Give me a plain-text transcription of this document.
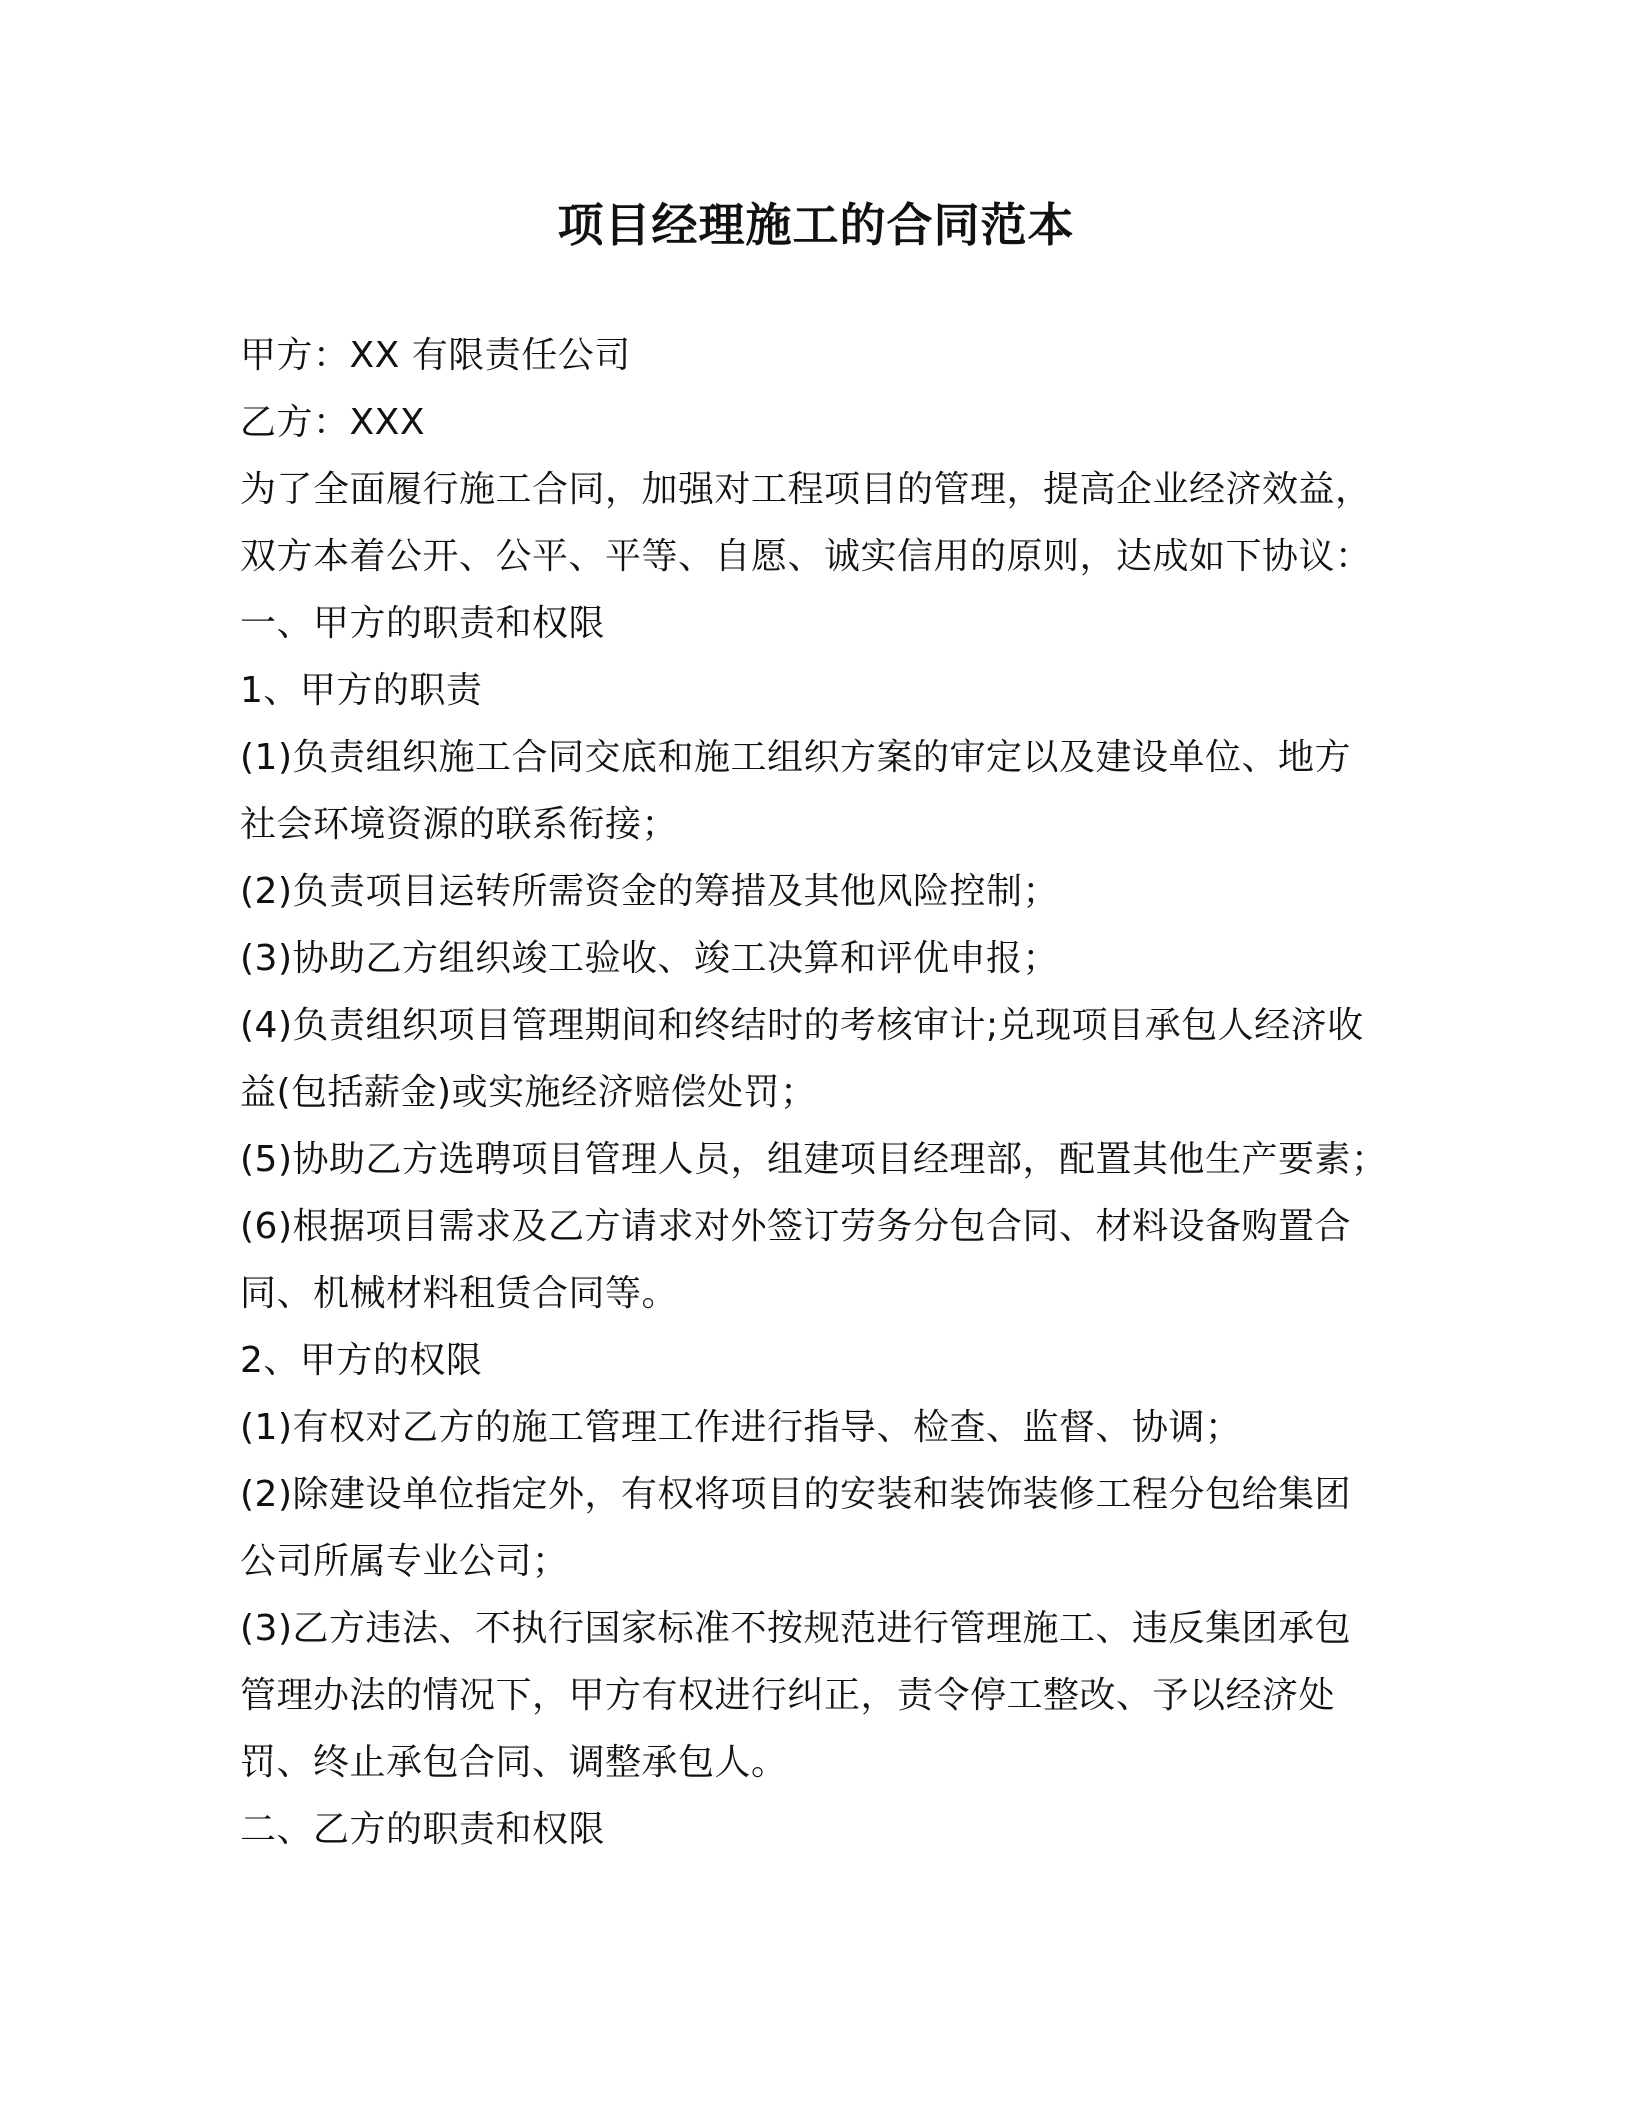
项目经理施工的合同范本
甲方：XX 有限责任公司
乙方：XXX
为了全面履行施工合同，加强对工程项目的管理，提高企业经济效益，
双方本着公开、公平、平等、自愿、诚实信用的原则，达成如下协议：
一、甲方的职责和权限
1、甲方的职责
(1)负责组织施工合同交底和施工组织方案的审定以及建设单位、地方
社会环境资源的联系衔接；
(2)负责项目运转所需资金的筹措及其他风险控制；
(3)协助乙方组织竣工验收、竣工决算和评优申报；
(4)负责组织项目管理期间和终结时的考核审计;兑现项目承包人经济收
益(包括薪金)或实施经济赔偿处罚；
(5)协助乙方选聘项目管理人员，组建项目经理部，配置其他生产要素；
(6)根据项目需求及乙方请求对外签订劳务分包合同、材料设备购置合
同、机械材料租赁合同等。
2、甲方的权限
(1)有权对乙方的施工管理工作进行指导、检查、监督、协调；
(2)除建设单位指定外，有权将项目的安装和装饰装修工程分包给集团
公司所属专业公司；
(3)乙方违法、不执行国家标准不按规范进行管理施工、违反集团承包
管理办法的情况下，甲方有权进行纠正，责令停工整改、予以经济处
罚、终止承包合同、调整承包人。
二、乙方的职责和权限
